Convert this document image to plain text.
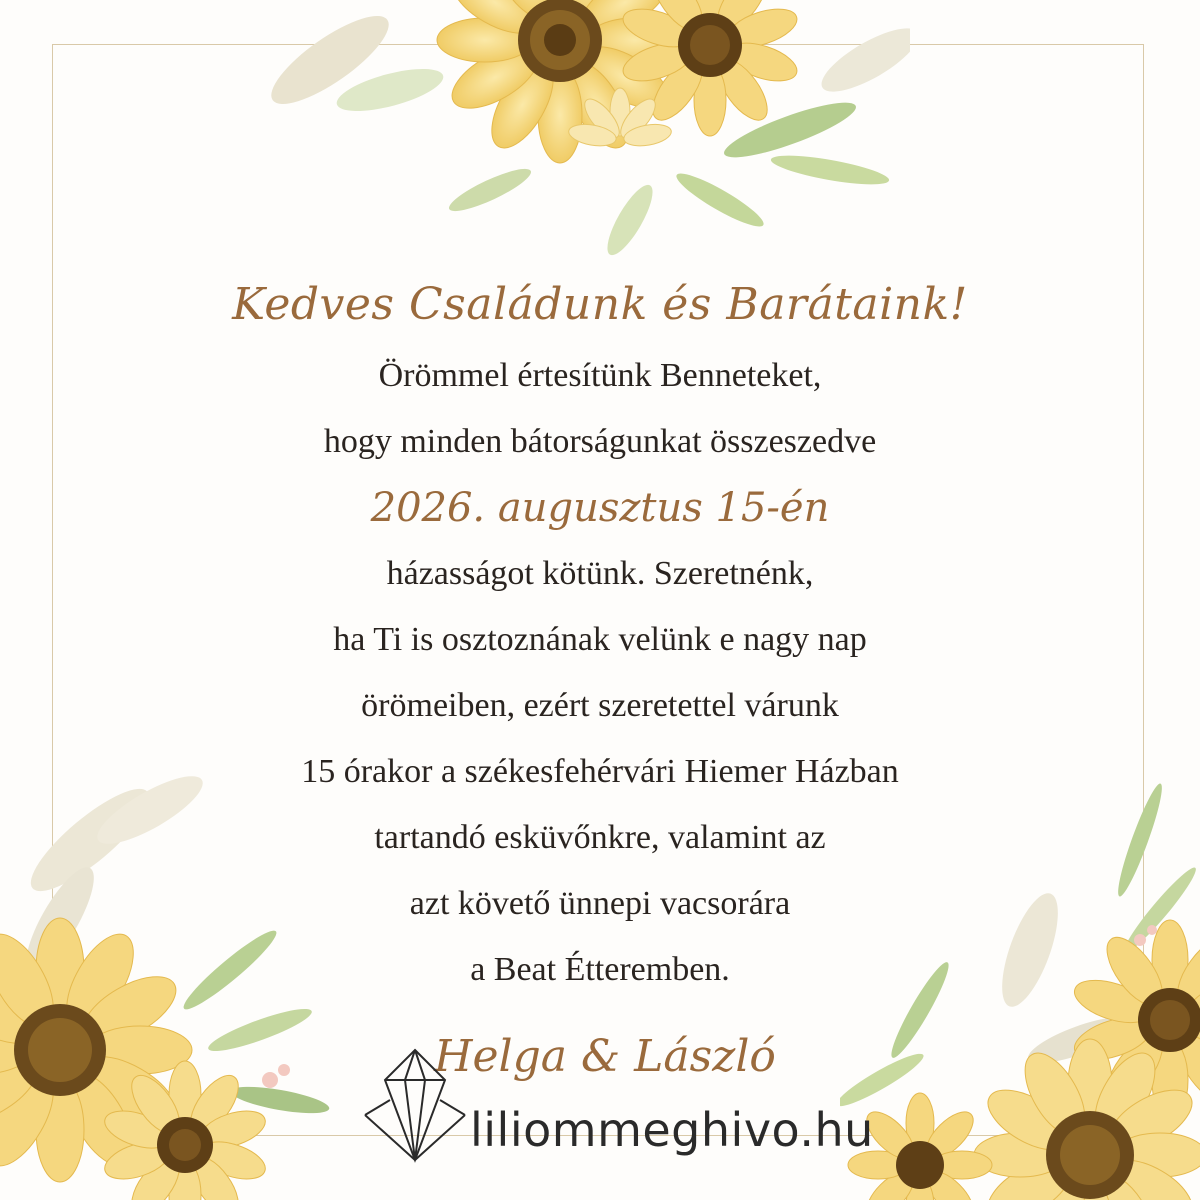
Kedves Családunk és Barátaink!
Örömmel értesítünk Benneteket,
hogy minden bátorságunkat összeszedve
2026. augusztus 15-én
házasságot kötünk. Szeretnénk,
ha Ti is osztoznának velünk e nagy nap
örömeiben, ezért szeretettel várunk
15 órakor a székesfehérvári Hiemer Házban
tartandó esküvőnkre, valamint az
azt követő ünnepi vacsorára
a Beat Étteremben.
Helga & László
liliommeghivo.hu
